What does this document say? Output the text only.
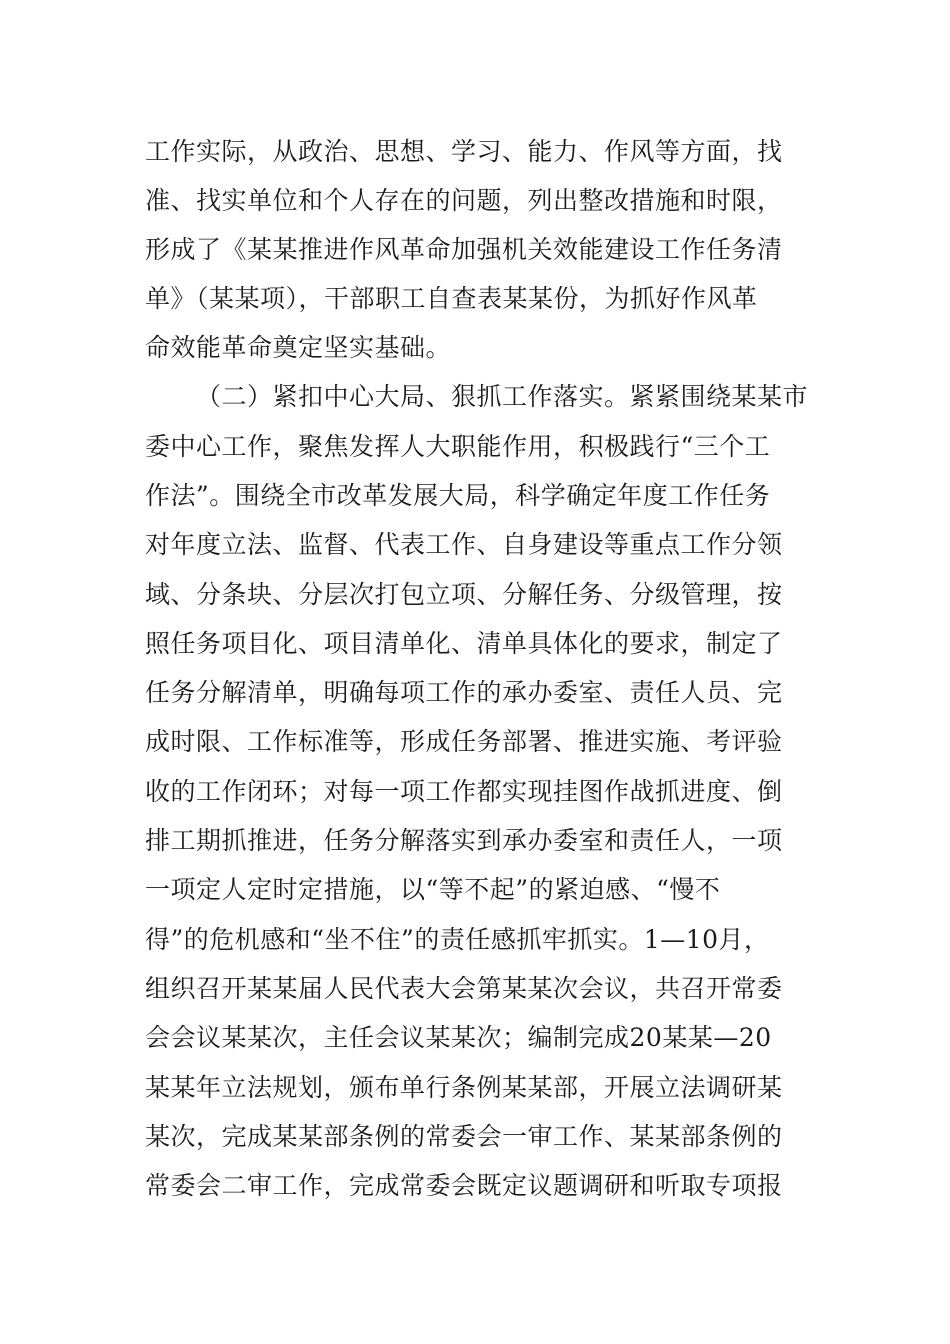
工作实际，从政治、思想、学习、能力、作风等方面，找
准、找实单位和个人存在的问题，列出整改措施和时限，
形成了《某某推进作风革命加强机关效能建设工作任务清
单》（某某项），干部职工自查表某某份，为抓好作风革
命效能革命奠定坚实基础。
（二）紧扣中心大局、狠抓工作落实。紧紧围绕某某市
委中心工作，聚焦发挥人大职能作用，积极践行“三个工
作法”。围绕全市改革发展大局，科学确定年度工作任务
对年度立法、监督、代表工作、自身建设等重点工作分领
域、分条块、分层次打包立项、分解任务、分级管理，按
照任务项目化、项目清单化、清单具体化的要求，制定了
任务分解清单，明确每项工作的承办委室、责任人员、完
成时限、工作标准等，形成任务部署、推进实施、考评验
收的工作闭环；对每一项工作都实现挂图作战抓进度、倒
排工期抓推进，任务分解落实到承办委室和责任人，一项
一项定人定时定措施，以“等不起”的紧迫感、“慢不
得”的危机感和“坐不住”的责任感抓牢抓实。1—10月，
组织召开某某届人民代表大会第某某次会议，共召开常委
会会议某某次，主任会议某某次；编制完成20某某—20
某某年立法规划，颁布单行条例某某部，开展立法调研某
某次，完成某某部条例的常委会一审工作、某某部条例的
常委会二审工作，完成常委会既定议题调研和听取专项报
